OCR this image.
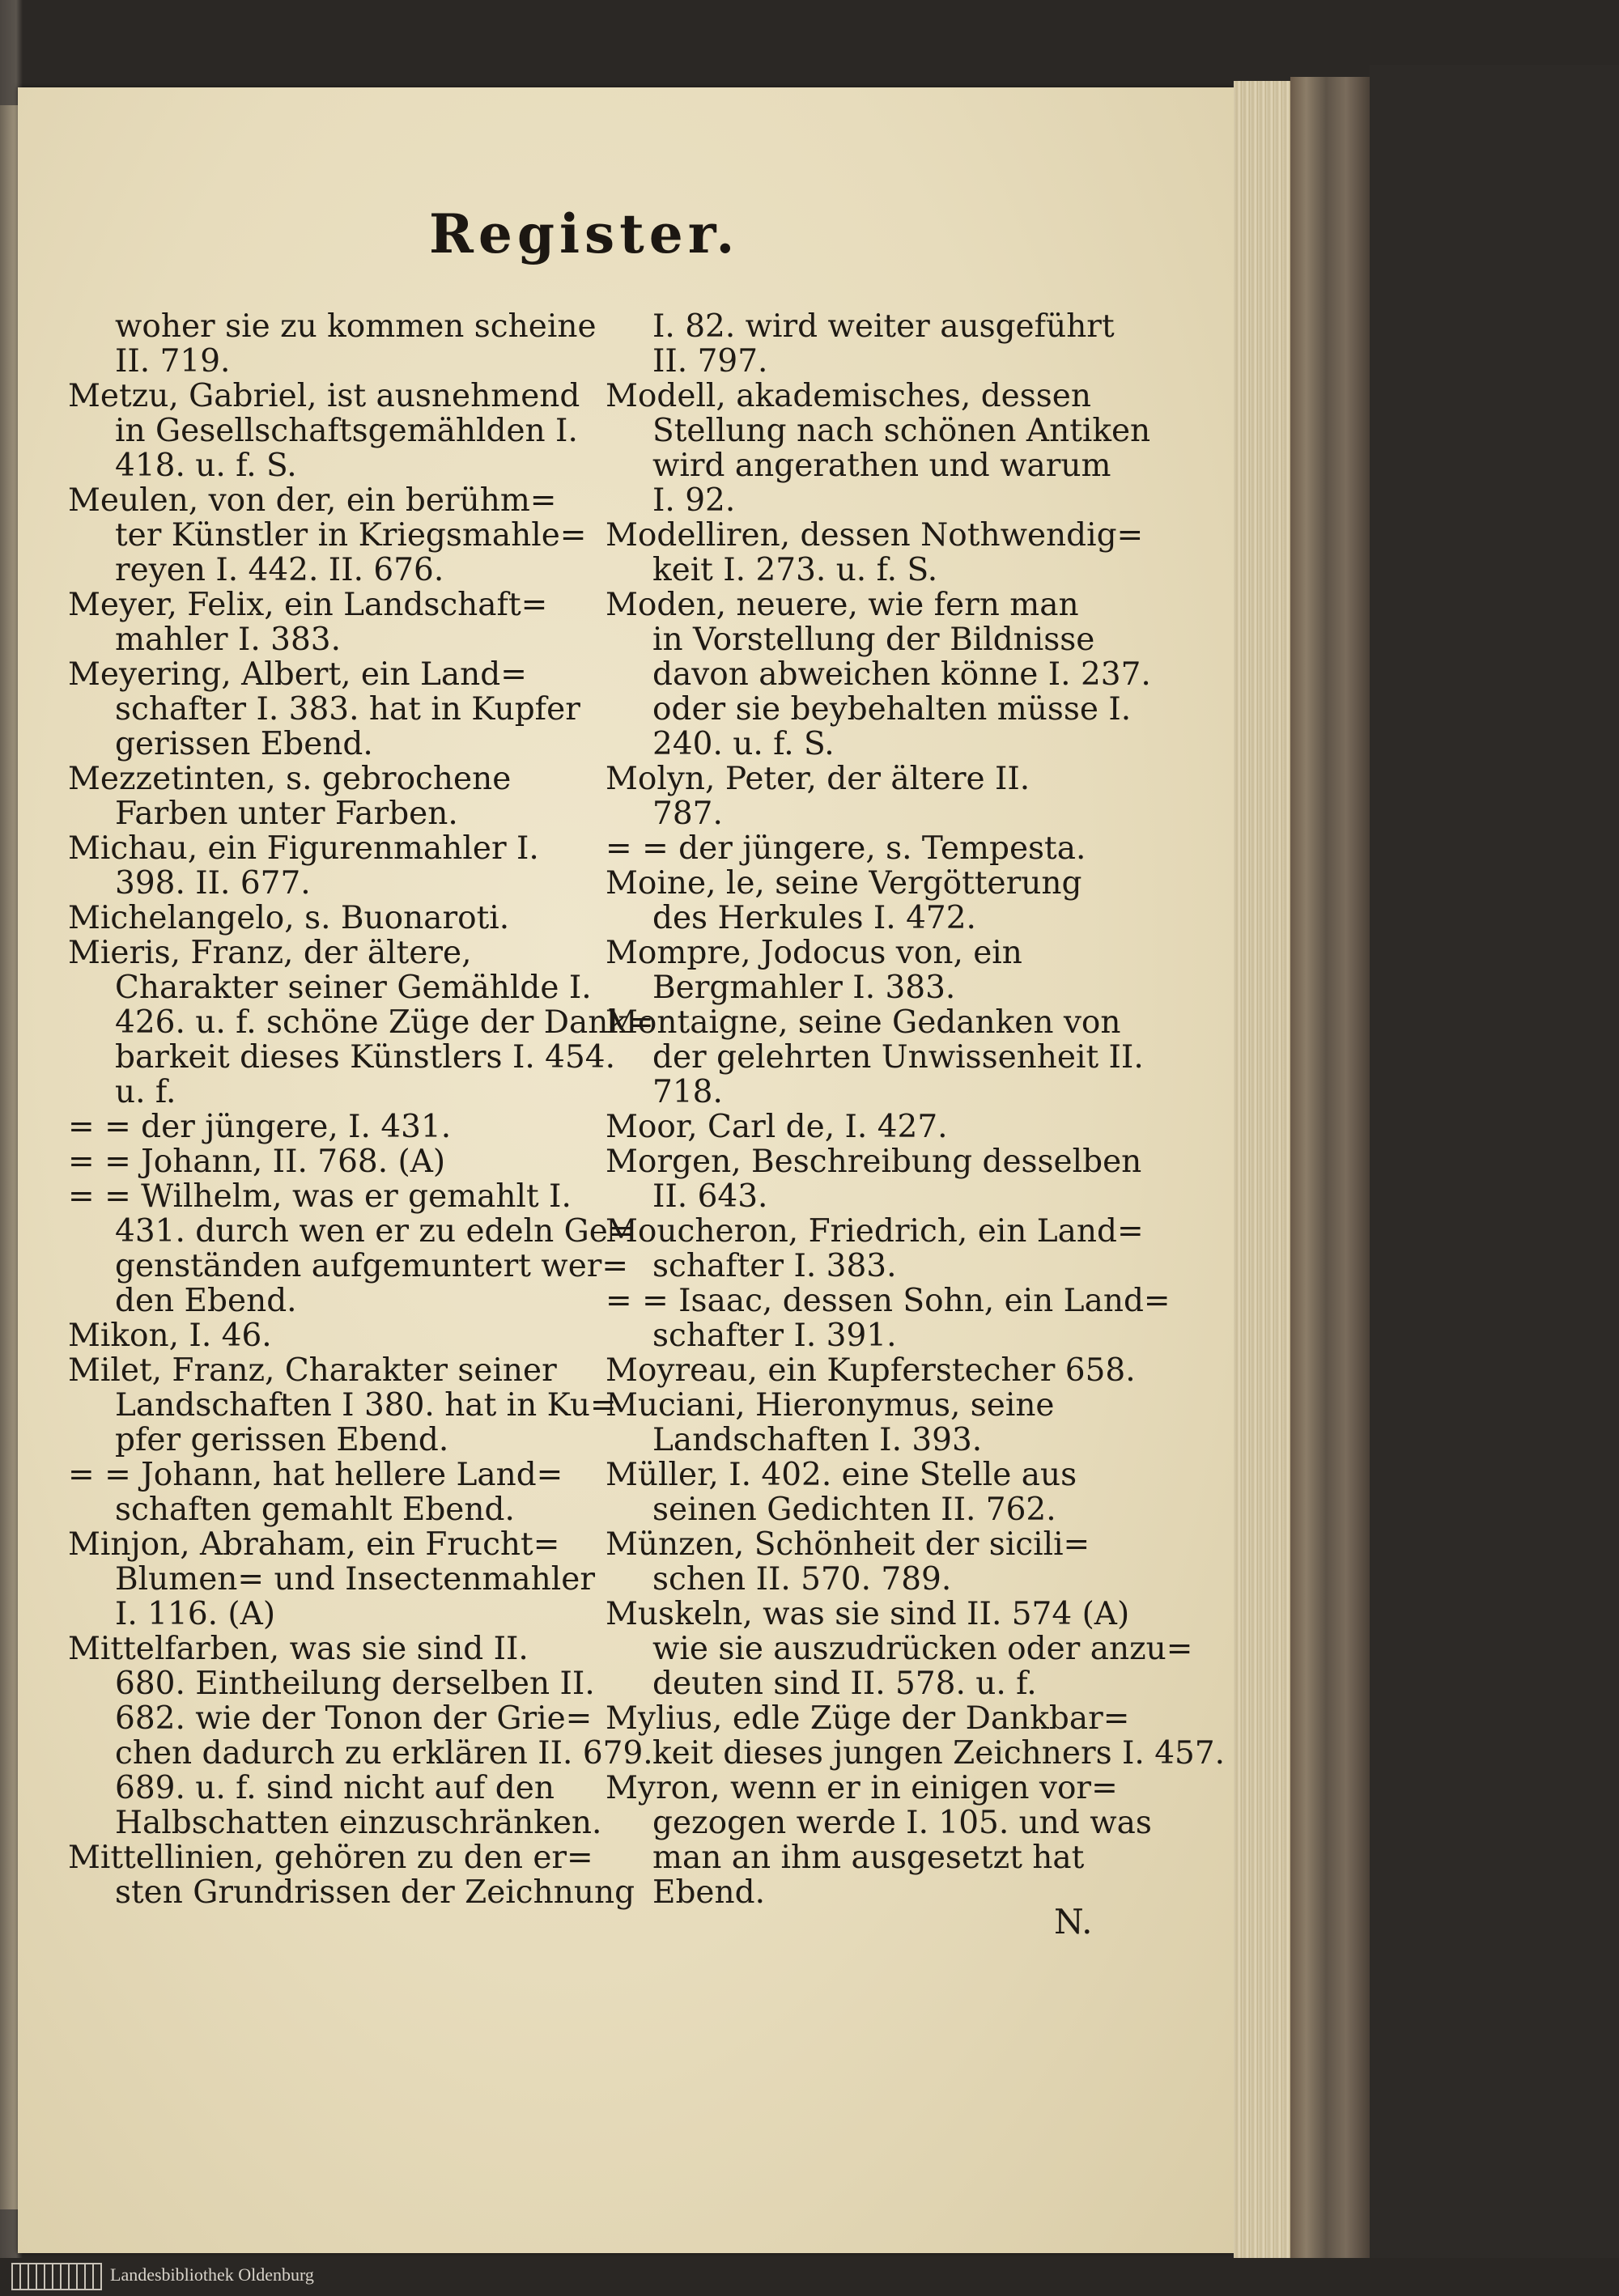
Register.
woher sie zu kommen scheine
II. 719.
Metzu, Gabriel, ist ausnehmend
in Gesellschaftsgemählden I.
418. u. f. S.
Meulen, von der, ein berühm=
ter Künstler in Kriegsmahle=
reyen I. 442. II. 676.
Meyer, Felix, ein Landschaft=
mahler I. 383.
Meyering, Albert, ein Land=
schafter I. 383. hat in Kupfer
gerissen Ebend.
Mezzetinten, s. gebrochene
Farben unter Farben.
Michau, ein Figurenmahler I.
398. II. 677.
Michelangelo, s. Buonaroti.
Mieris, Franz, der ältere,
Charakter seiner Gemählde I.
426. u. f. schöne Züge der Dank=
barkeit dieses Künstlers I. 454.
u. f.
= = der jüngere, I. 431.
= = Johann, II. 768. (A)
= = Wilhelm, was er gemahlt I.
431. durch wen er zu edeln Ge=
genständen aufgemuntert wer=
den Ebend.
Mikon, I. 46.
Milet, Franz, Charakter seiner
Landschaften I 380. hat in Ku=
pfer gerissen Ebend.
= = Johann, hat hellere Land=
schaften gemahlt Ebend.
Minjon, Abraham, ein Frucht=
Blumen= und Insectenmahler
I. 116. (A)
Mittelfarben, was sie sind II.
680. Eintheilung derselben II.
682. wie der Tonon der Grie=
chen dadurch zu erklären II. 679.
689. u. f. sind nicht auf den
Halbschatten einzuschränken.
Mittellinien, gehören zu den er=
sten Grundrissen der Zeichnung
I. 82. wird weiter ausgeführt
II. 797.
Modell, akademisches, dessen
Stellung nach schönen Antiken
wird angerathen und warum
I. 92.
Modelliren, dessen Nothwendig=
keit I. 273. u. f. S.
Moden, neuere, wie fern man
in Vorstellung der Bildnisse
davon abweichen könne I. 237.
oder sie beybehalten müsse I.
240. u. f. S.
Molyn, Peter, der ältere II.
787.
= = der jüngere, s. Tempesta.
Moine, le, seine Vergötterung
des Herkules I. 472.
Mompre, Jodocus von, ein
Bergmahler I. 383.
Montaigne, seine Gedanken von
der gelehrten Unwissenheit II.
718.
Moor, Carl de, I. 427.
Morgen, Beschreibung desselben
II. 643.
Moucheron, Friedrich, ein Land=
schafter I. 383.
= = Isaac, dessen Sohn, ein Land=
schafter I. 391.
Moyreau, ein Kupferstecher 658.
Muciani, Hieronymus, seine
Landschaften I. 393.
Müller, I. 402. eine Stelle aus
seinen Gedichten II. 762.
Münzen, Schönheit der sicili=
schen II. 570. 789.
Muskeln, was sie sind II. 574 (A)
wie sie auszudrücken oder anzu=
deuten sind II. 578. u. f.
Mylius, edle Züge der Dankbar=
keit dieses jungen Zeichners I. 457.
Myron, wenn er in einigen vor=
gezogen werde I. 105. und was
man an ihm ausgesetzt hat
Ebend.
N.
Landesbibliothek Oldenburg
